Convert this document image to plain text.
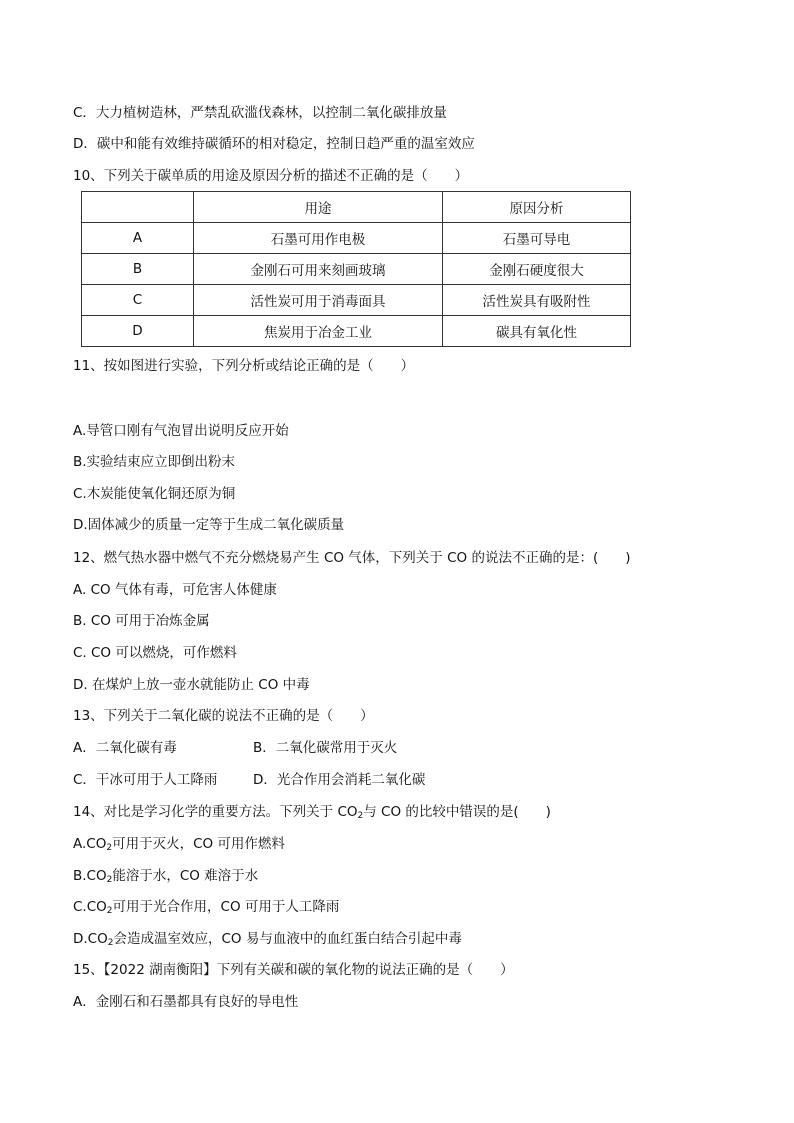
C．大力植树造林，严禁乱砍滥伐森林，以控制二氧化碳排放量
D．碳中和能有效维持碳循环的相对稳定，控制日趋严重的温室效应
10、下列关于碳单质的用途及原因分析的描述不正确的是（　　）
	用途	原因分析
A	石墨可用作电极	石墨可导电
B	金刚石可用来刻画玻璃	金刚石硬度很大
C	活性炭可用于消毒面具	活性炭具有吸附性
D	焦炭用于冶金工业	碳具有氧化性
11、按如图进行实验，下列分析或结论正确的是（　　）
A.导管口刚有气泡冒出说明反应开始
B.实验结束应立即倒出粉末
C.木炭能使氧化铜还原为铜
D.固体减少的质量一定等于生成二氧化碳质量
12、燃气热水器中燃气不充分燃烧易产生 CO 气体，下列关于 CO 的说法不正确的是：(　　)
A. CO 气体有毒，可危害人体健康
B. CO 可用于冶炼金属
C. CO 可以燃烧，可作燃料
D. 在煤炉上放一壶水就能防止 CO 中毒
13、下列关于二氧化碳的说法不正确的是（　　）
A．二氧化碳有毒	B．二氧化碳常用于灭火
C．干冰可用于人工降雨	D．光合作用会消耗二氧化碳
14、对比是学习化学的重要方法。下列关于 $CO_2$与 CO 的比较中错误的是(　　)
$A.CO_2$可用于灭火，CO 可用作燃料
$B.CO_2$能溶于水，CO 难溶于水
$C.CO_2$可用于光合作用，CO 可用于人工降雨
$D.CO_2$会造成温室效应，CO 易与血液中的血红蛋白结合引起中毒
15、【2022 湖南衡阳】下列有关碳和碳的氧化物的说法正确的是（　　）
A．金刚石和石墨都具有良好的导电性
